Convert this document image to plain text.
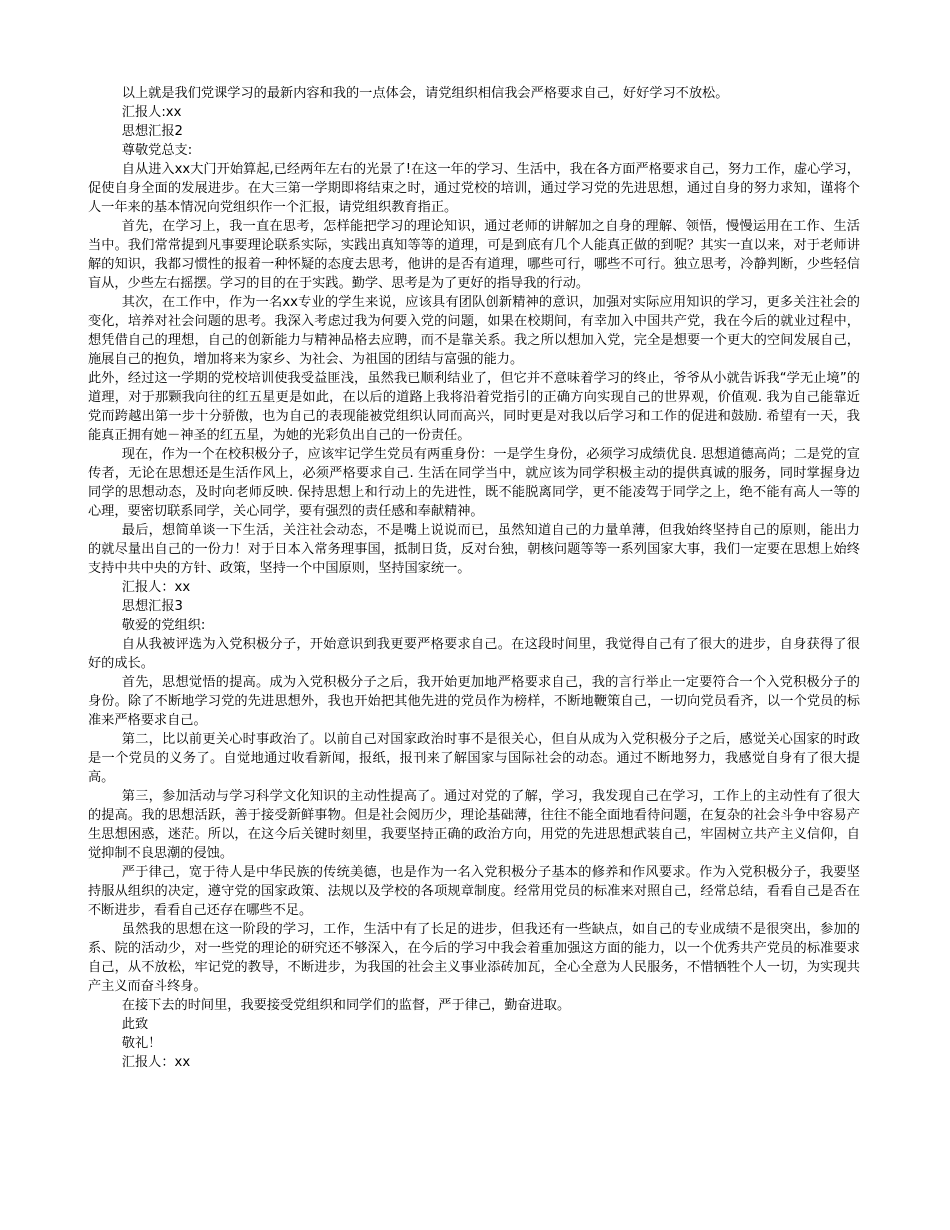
以上就是我们党课学习的最新内容和我的一点体会，请党组织相信我会严格要求自己，好好学习不放松。

汇报人:xx

思想汇报2

尊敬党总支:

自从进入xx大门开始算起,已经两年左右的光景了!在这一年的学习、生活中，我在各方面严格要求自己，努力工作，虚心学习，促使自身全面的发展进步。在大三第一学期即将结束之时，通过党校的培训，通过学习党的先进思想，通过自身的努力求知，谨将个人一年来的基本情况向党组织作一个汇报，请党组织教育指正。

首先，在学习上，我一直在思考，怎样能把学习的理论知识，通过老师的讲解加之自身的理解、领悟，慢慢运用在工作、生活当中。我们常常提到凡事要理论联系实际，实践出真知等等的道理，可是到底有几个人能真正做的到呢？其实一直以来，对于老师讲解的知识，我都习惯性的报着一种怀疑的态度去思考，他讲的是否有道理，哪些可行，哪些不可行。独立思考，冷静判断，少些轻信盲从，少些左右摇摆。学习的目的在于实践。勤学、思考是为了更好的指导我的行动。

其次，在工作中，作为一名xx专业的学生来说，应该具有团队创新精神的意识，加强对实际应用知识的学习，更多关注社会的变化，培养对社会问题的思考。我深入考虑过我为何要入党的问题，如果在校期间，有幸加入中国共产党，我在今后的就业过程中，想凭借自己的理想，自己的创新能力与精神品格去应聘，而不是靠关系。我之所以想加入党，完全是想要一个更大的空间发展自己，施展自己的抱负，增加将来为家乡、为社会、为祖国的团结与富强的能力。

此外，经过这一学期的党校培训使我受益匪浅，虽然我已顺利结业了，但它并不意味着学习的终止，爷爷从小就告诉我“学无止境”的道理，对于那颗我向往的红五星更是如此，在以后的道路上我将沿着党指引的正确方向实现自己的世界观，价值观. 我为自己能靠近党而跨越出第一步十分骄傲，也为自己的表现能被党组织认同而高兴，同时更是对我以后学习和工作的促进和鼓励. 希望有一天，我能真正拥有她－神圣的红五星，为她的光彩负出自己的一份责任。

现在，作为一个在校积极分子，应该牢记学生党员有两重身份：一是学生身份，必须学习成绩优良. 思想道德高尚；二是党的宣传者，无论在思想还是生活作风上，必须严格要求自己. 生活在同学当中，就应该为同学积极主动的提供真诚的服务，同时掌握身边同学的思想动态，及时向老师反映. 保持思想上和行动上的先进性，既不能脱离同学，更不能凌驾于同学之上，绝不能有高人一等的心理，要密切联系同学，关心同学，要有强烈的责任感和奉献精神。

最后，想简单谈一下生活，关注社会动态，不是嘴上说说而已，虽然知道自己的力量单薄，但我始终坚持自己的原则，能出力的就尽量出自己的一份力！对于日本入常务理事国，抵制日货，反对台独，朝核问题等等一系列国家大事，我们一定要在思想上始终支持中共中央的方针、政策，坚持一个中国原则，坚持国家统一。

汇报人：xx

思想汇报3

敬爱的党组织:

自从我被评选为入党积极分子，开始意识到我更要严格要求自己。在这段时间里，我觉得自己有了很大的进步，自身获得了很好的成长。

首先，思想觉悟的提高。成为入党积极分子之后，我开始更加地严格要求自己，我的言行举止一定要符合一个入党积极分子的身份。除了不断地学习党的先进思想外，我也开始把其他先进的党员作为榜样，不断地鞭策自己，一切向党员看齐，以一个党员的标准来严格要求自己。

第二，比以前更关心时事政治了。以前自己对国家政治时事不是很关心，但自从成为入党积极分子之后，感觉关心国家的时政是一个党员的义务了。自觉地通过收看新闻，报纸，报刊来了解国家与国际社会的动态。通过不断地努力，我感觉自身有了很大提高。

第三，参加活动与学习科学文化知识的主动性提高了。通过对党的了解，学习，我发现自己在学习，工作上的主动性有了很大的提高。我的思想活跃，善于接受新鲜事物。但是社会阅历少，理论基础薄，往往不能全面地看待问题，在复杂的社会斗争中容易产生思想困惑，迷茫。所以，在这今后关键时刻里，我要坚持正确的政治方向，用党的先进思想武装自己，牢固树立共产主义信仰，自觉抑制不良思潮的侵蚀。

严于律己，宽于待人是中华民族的传统美德，也是作为一名入党积极分子基本的修养和作风要求。作为入党积极分子，我要坚持服从组织的决定，遵守党的国家政策、法规以及学校的各项规章制度。经常用党员的标准来对照自己，经常总结，看看自己是否在不断进步，看看自己还存在哪些不足。

虽然我的思想在这一阶段的学习，工作，生活中有了长足的进步，但我还有一些缺点，如自己的专业成绩不是很突出，参加的系、院的活动少，对一些党的理论的研究还不够深入，在今后的学习中我会着重加强这方面的能力，以一个优秀共产党员的标准要求自己，从不放松，牢记党的教导，不断进步，为我国的社会主义事业添砖加瓦，全心全意为人民服务，不惜牺牲个人一切，为实现共产主义而奋斗终身。

在接下去的时间里，我要接受党组织和同学们的监督，严于律己，勤奋进取。

此致

敬礼！

汇报人：xx
